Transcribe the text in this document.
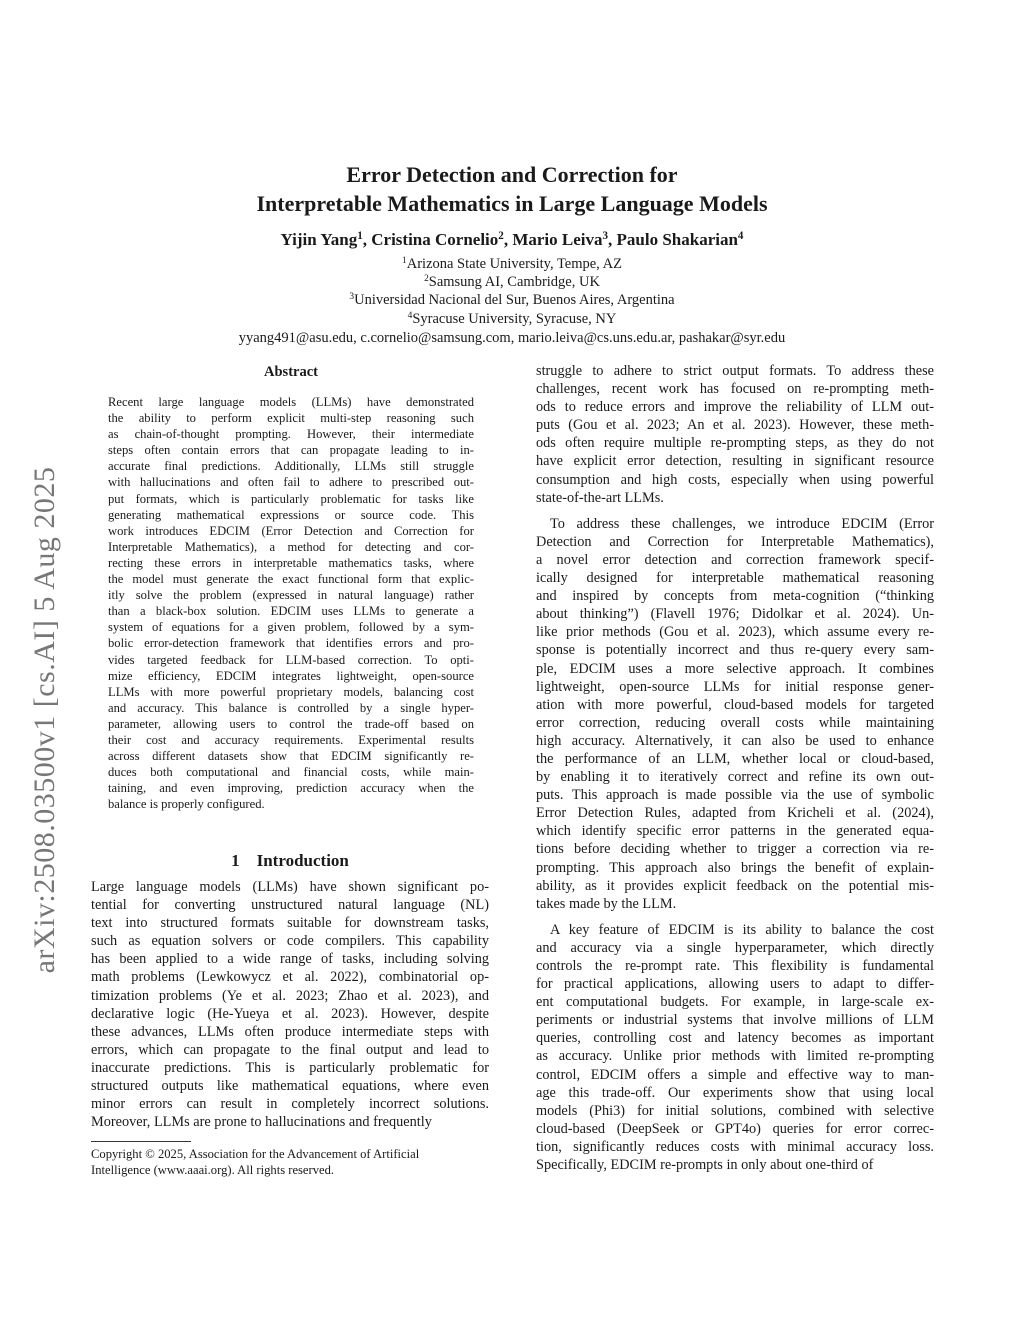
arXiv:2508.03500v1 [cs.AI] 5 Aug 2025
Error Detection and Correction for
Interpretable Mathematics in Large Language Models
Yijin Yang$^1$, Cristina Cornelio$^2$, Mario Leiva$^3$, Paulo Shakarian$^4$
$^1$Arizona State University, Tempe, AZ
$^2$Samsung AI, Cambridge, UK
$^3$Universidad Nacional del Sur, Buenos Aires, Argentina
$^4$Syracuse University, Syracuse, NY
yyang491@asu.edu, c.cornelio@samsung.com, mario.leiva@cs.uns.edu.ar, pashakar@syr.edu
Abstract
Recent large language models (LLMs) have demonstrated
the ability to perform explicit multi-step reasoning such
as chain-of-thought prompting. However, their intermediate
steps often contain errors that can propagate leading to in-
accurate final predictions. Additionally, LLMs still struggle
with hallucinations and often fail to adhere to prescribed out-
put formats, which is particularly problematic for tasks like
generating mathematical expressions or source code. This
work introduces EDCIM (Error Detection and Correction for
Interpretable Mathematics), a method for detecting and cor-
recting these errors in interpretable mathematics tasks, where
the model must generate the exact functional form that explic-
itly solve the problem (expressed in natural language) rather
than a black-box solution. EDCIM uses LLMs to generate a
system of equations for a given problem, followed by a sym-
bolic error-detection framework that identifies errors and pro-
vides targeted feedback for LLM-based correction. To opti-
mize efficiency, EDCIM integrates lightweight, open-source
LLMs with more powerful proprietary models, balancing cost
and accuracy. This balance is controlled by a single hyper-
parameter, allowing users to control the trade-off based on
their cost and accuracy requirements. Experimental results
across different datasets show that EDCIM significantly re-
duces both computational and financial costs, while main-
taining, and even improving, prediction accuracy when the
balance is properly configured.
1    Introduction
Large language models (LLMs) have shown significant po-
tential for converting unstructured natural language (NL)
text into structured formats suitable for downstream tasks,
such as equation solvers or code compilers. This capability
has been applied to a wide range of tasks, including solving
math problems (Lewkowycz et al. 2022), combinatorial op-
timization problems (Ye et al. 2023; Zhao et al. 2023), and
declarative logic (He-Yueya et al. 2023). However, despite
these advances, LLMs often produce intermediate steps with
errors, which can propagate to the final output and lead to
inaccurate predictions. This is particularly problematic for
structured outputs like mathematical equations, where even
minor errors can result in completely incorrect solutions.
Moreover, LLMs are prone to hallucinations and frequently
Copyright © 2025, Association for the Advancement of Artificial
Intelligence (www.aaai.org). All rights reserved.
struggle to adhere to strict output formats. To address these
challenges, recent work has focused on re-prompting meth-
ods to reduce errors and improve the reliability of LLM out-
puts (Gou et al. 2023; An et al. 2023). However, these meth-
ods often require multiple re-prompting steps, as they do not
have explicit error detection, resulting in significant resource
consumption and high costs, especially when using powerful
state-of-the-art LLMs.
To address these challenges, we introduce EDCIM (Error
Detection and Correction for Interpretable Mathematics),
a novel error detection and correction framework specif-
ically designed for interpretable mathematical reasoning
and inspired by concepts from meta-cognition (“thinking
about thinking”) (Flavell 1976; Didolkar et al. 2024). Un-
like prior methods (Gou et al. 2023), which assume every re-
sponse is potentially incorrect and thus re-query every sam-
ple, EDCIM uses a more selective approach. It combines
lightweight, open-source LLMs for initial response gener-
ation with more powerful, cloud-based models for targeted
error correction, reducing overall costs while maintaining
high accuracy. Alternatively, it can also be used to enhance
the performance of an LLM, whether local or cloud-based,
by enabling it to iteratively correct and refine its own out-
puts. This approach is made possible via the use of symbolic
Error Detection Rules, adapted from Kricheli et al. (2024),
which identify specific error patterns in the generated equa-
tions before deciding whether to trigger a correction via re-
prompting. This approach also brings the benefit of explain-
ability, as it provides explicit feedback on the potential mis-
takes made by the LLM.
A key feature of EDCIM is its ability to balance the cost
and accuracy via a single hyperparameter, which directly
controls the re-prompt rate. This flexibility is fundamental
for practical applications, allowing users to adapt to differ-
ent computational budgets. For example, in large-scale ex-
periments or industrial systems that involve millions of LLM
queries, controlling cost and latency becomes as important
as accuracy. Unlike prior methods with limited re-prompting
control, EDCIM offers a simple and effective way to man-
age this trade-off. Our experiments show that using local
models (Phi3) for initial solutions, combined with selective
cloud-based (DeepSeek or GPT4o) queries for error correc-
tion, significantly reduces costs with minimal accuracy loss.
Specifically, EDCIM re-prompts in only about one-third of
